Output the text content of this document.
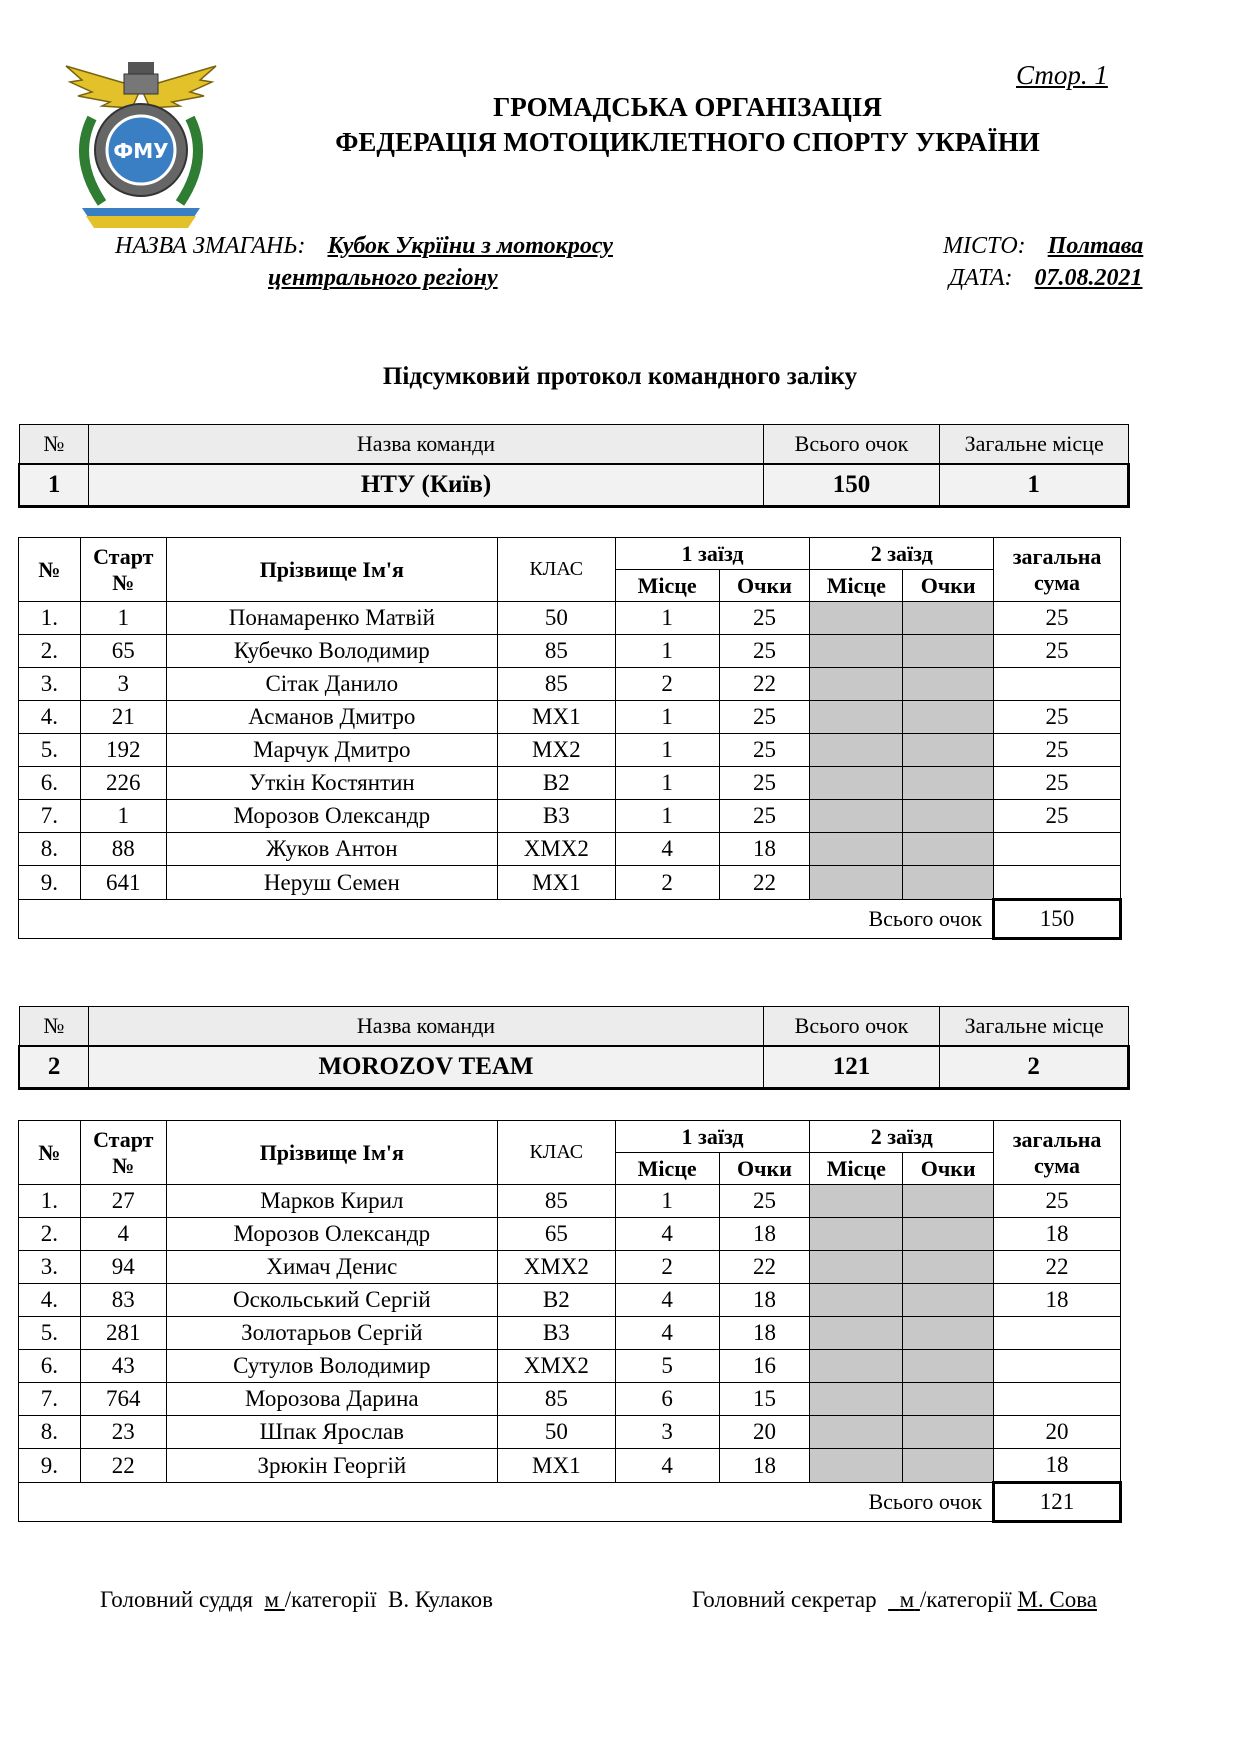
Стор. 1
ФМУ
ГРОМАДСЬКА ОРГАНІЗАЦІЯ
ФЕДЕРАЦІЯ МОТОЦИКЛЕТНОГО СПОРТУ УКРАЇНИ
НАЗВА ЗМАГАНЬ: Кубок Укрїіни з мотокросу
центрального регіону
МІСТО: Полтава
ДАТА: 07.08.2021
Підсумковий протокол командного заліку
№	Назва команди	Всього очок	Загальне місце
1	НТУ (Київ)	150	1
№	Старт
№	Прізвище Ім'я	КЛАС	1 заїзд		2 заїзд		загальна
сума
				Місце	Очки	Місце	Очки	
1.	1	Понамаренко Матвій	50	1	25			25
2.	65	Кубечко Володимир	85	1	25			25
3.	3	Сітак Данило	85	2	22			
4.	21	Асманов Дмитро	MX1	1	25			25
5.	192	Марчук Дмитро	MX2	1	25			25
6.	226	Уткін Костянтин	B2	1	25			25
7.	1	Морозов Олександр	B3	1	25			25
8.	88	Жуков Антон	XMX2	4	18			
9.	641	Неруш Семен	MX1	2	22			
Всього очок								150
№	Назва команди	Всього очок	Загальне місце
2	MOROZOV TEAM	121	2
№	Старт
№	Прізвище Ім'я	КЛАС	1 заїзд		2 заїзд		загальна
сума
				Місце	Очки	Місце	Очки	
1.	27	Марков Кирил	85	1	25			25
2.	4	Морозов Олександр	65	4	18			18
3.	94	Химач Денис	XMX2	2	22			22
4.	83	Оскольський Сергій	B2	4	18			18
5.	281	Золотарьов Сергій	B3	4	18			
6.	43	Сутулов Володимир	XMX2	5	16			
7.	764	Морозова Дарина	85	6	15			
8.	23	Шпак Ярослав	50	3	20			20
9.	22	Зрюкін Георгій	MX1	4	18			18
Всього очок								121
Головний суддя м /категорії В. Кулаков	Головний секретар м /категорії М. Сова
